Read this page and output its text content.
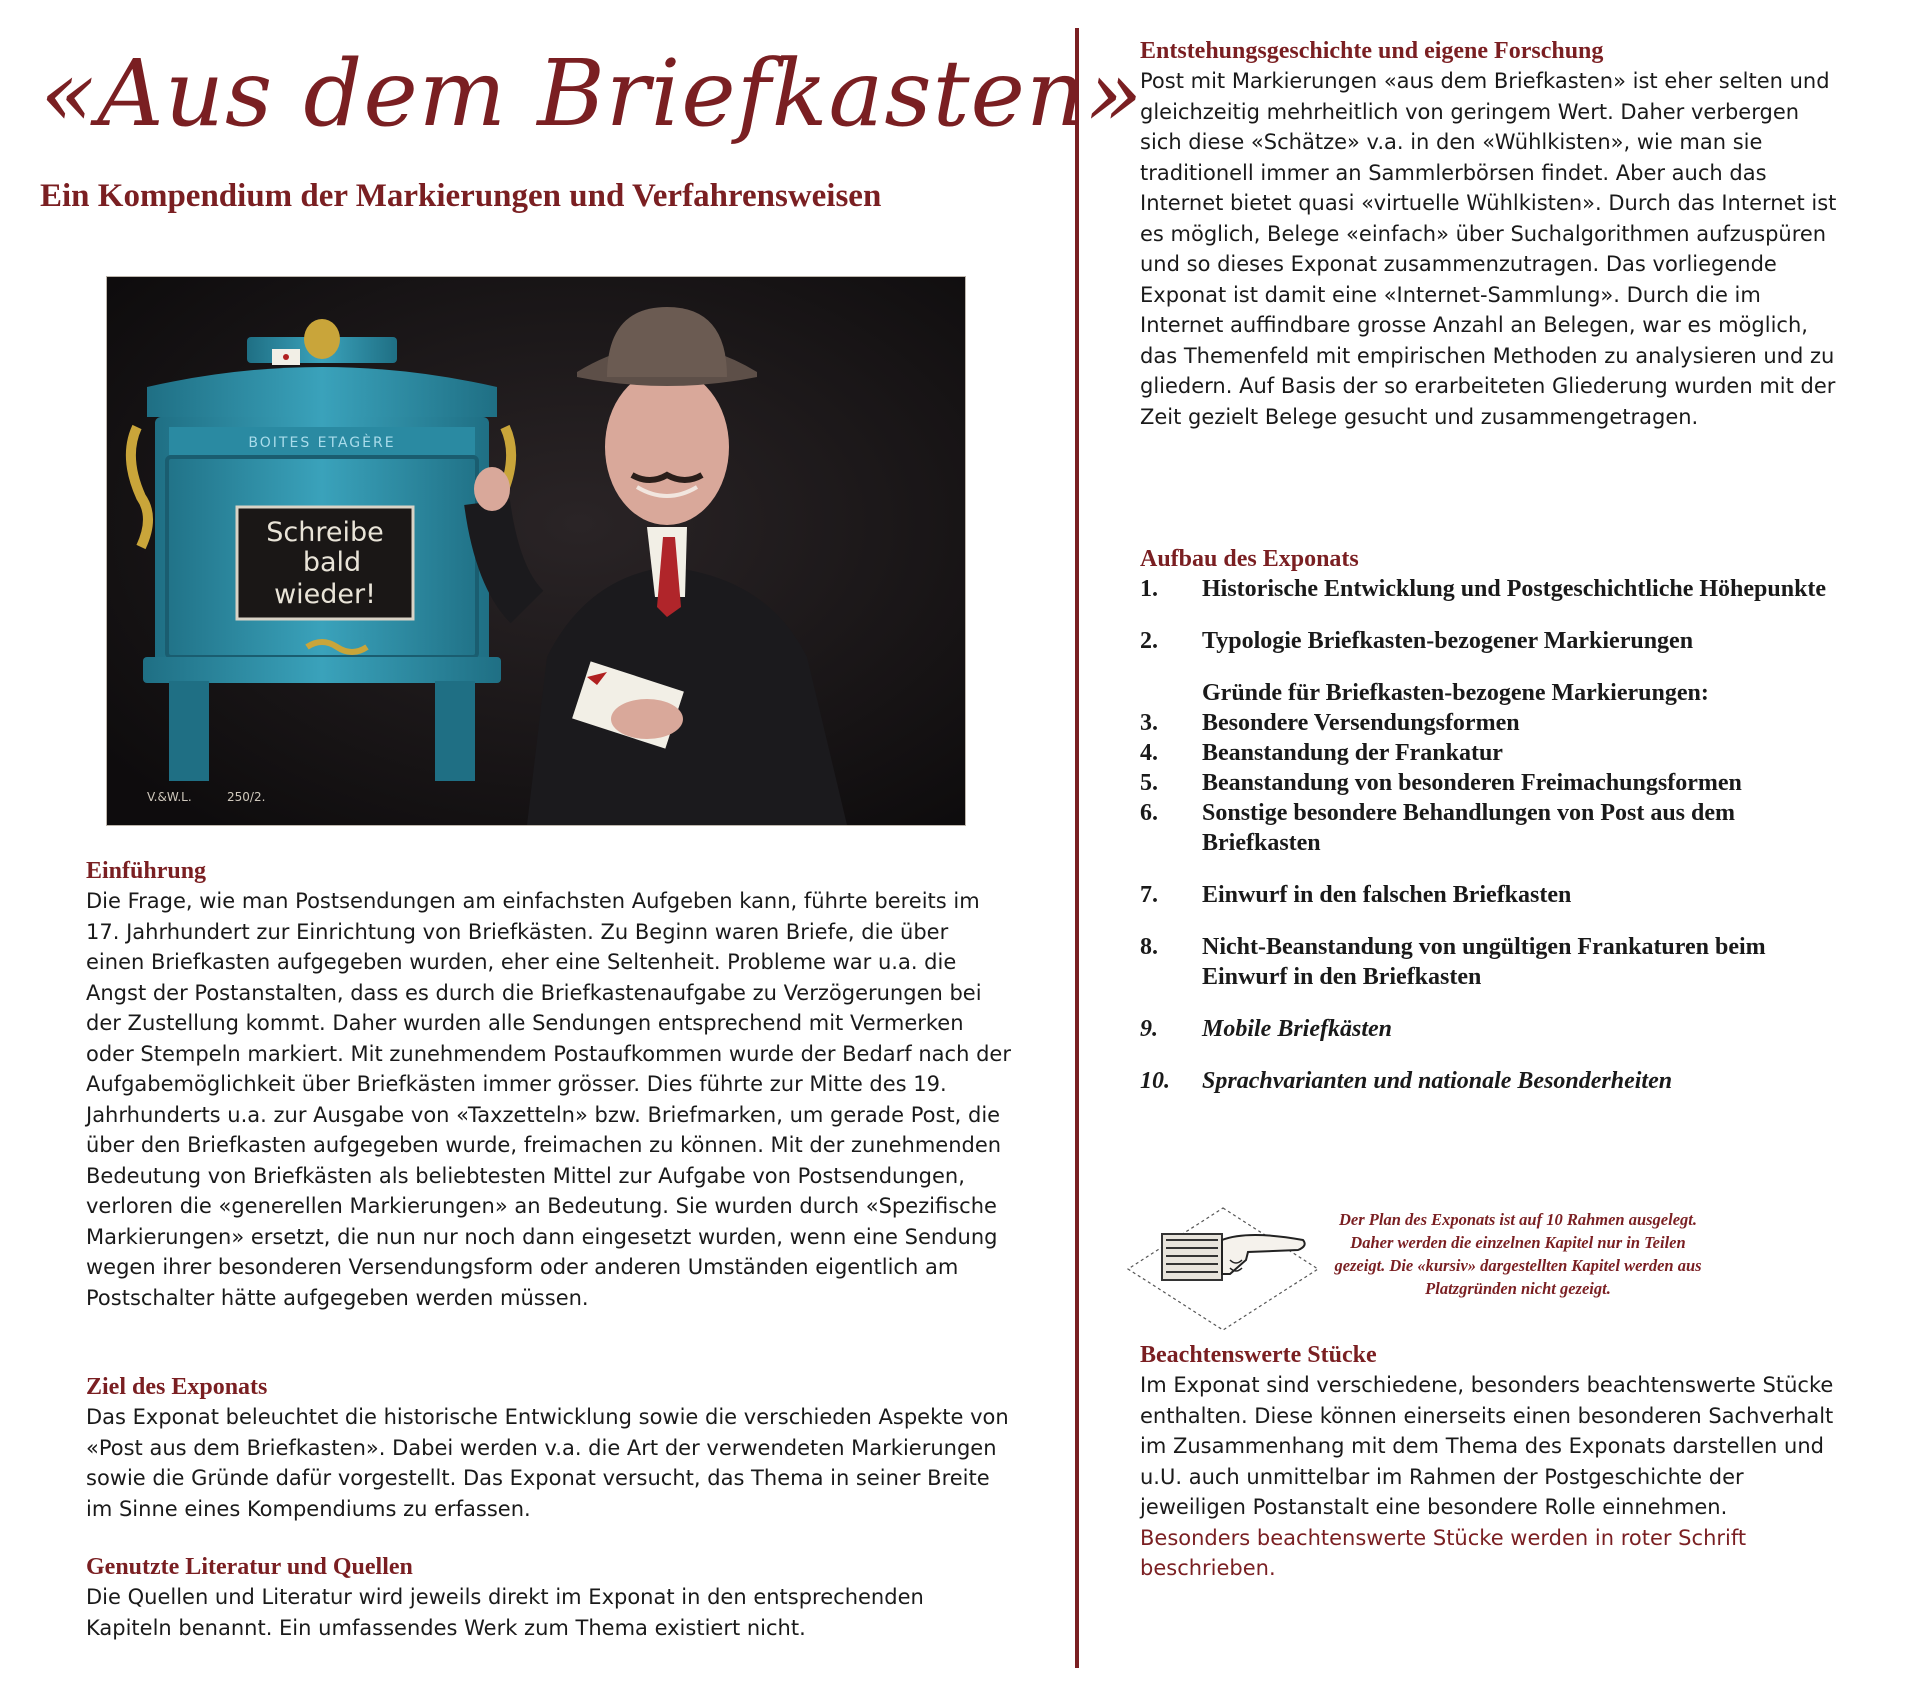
«Aus dem Briefkasten»
Ein Kompendium der Markierungen und Verfahrensweisen
BOITES ETAGÈRE
Schreibe
bald
wieder!
V.&W.L.	250/2.
Einführung

Die Frage, wie man Postsendungen am einfachsten Aufgeben kann, führte bereits im 17. Jahrhundert zur Einrichtung von Briefkästen. Zu Beginn waren Briefe, die über einen Briefkasten aufgegeben wurden, eher eine Seltenheit. Probleme war u.a. die Angst der Postanstalten, dass es durch die Briefkastenaufgabe zu Verzögerungen bei der Zustellung kommt. Daher wurden alle Sendungen entsprechend mit Vermerken oder Stempeln markiert. Mit zunehmendem Postaufkommen wurde der Bedarf nach der Aufgabemöglichkeit über Briefkästen immer grösser. Dies führte zur Mitte des 19. Jahrhunderts u.a. zur Ausgabe von «Taxzetteln» bzw. Briefmarken, um gerade Post, die über den Briefkasten aufgegeben wurde, freimachen zu können. Mit der zunehmenden Bedeutung von Briefkästen als beliebtesten Mittel zur Aufgabe von Postsendungen, verloren die «generellen Markierungen» an Bedeutung. Sie wurden durch «Spezifische Markierungen» ersetzt, die nun nur noch dann eingesetzt wurden, wenn eine Sendung wegen ihrer besonderen Versendungsform oder anderen Umständen eigentlich am Postschalter hätte aufgegeben werden müssen.

Ziel des Exponats

Das Exponat beleuchtet die historische Entwicklung sowie die verschieden Aspekte von «Post aus dem Briefkasten». Dabei werden v.a. die Art der verwendeten Markierungen sowie die Gründe dafür vorgestellt. Das Exponat versucht, das Thema in seiner Breite im Sinne eines Kompendiums zu erfassen.

Genutzte Literatur und Quellen

Die Quellen und Literatur wird jeweils direkt im Exponat in den entsprechenden Kapiteln benannt. Ein umfassendes Werk zum Thema existiert nicht.

Entstehungsgeschichte und eigene Forschung

Post mit Markierungen «aus dem Briefkasten» ist eher selten und gleichzeitig mehrheitlich von geringem Wert. Daher verbergen sich diese «Schätze» v.a. in den «Wühlkisten», wie man sie traditionell immer an Sammlerbörsen findet. Aber auch das Internet bietet quasi «virtuelle Wühlkisten». Durch das Internet ist es möglich, Belege «einfach» über Suchalgorithmen aufzuspüren und so dieses Exponat zusammenzutragen. Das vorliegende Exponat ist damit eine «Internet-Sammlung». Durch die im Internet auffindbare grosse Anzahl an Belegen, war es möglich, das Themenfeld mit empirischen Methoden zu analysieren und zu gliedern. Auf Basis der so erarbeiteten Gliederung wurden mit der Zeit gezielt Belege gesucht und zusammengetragen.

Aufbau des Exponats
1.	Historische Entwicklung und Postgeschichtliche Höhepunkte
2.	Typologie Briefkasten-bezogener Markierungen
Gründe für Briefkasten-bezogene Markierungen:
3.	Besondere Versendungsformen
4.	Beanstandung der Frankatur
5.	Beanstandung von besonderen Freimachungsformen
6.	Sonstige besondere Behandlungen von Post aus dem Briefkasten
7.	Einwurf in den falschen Briefkasten
8.	Nicht-Beanstandung von ungültigen Frankaturen beim Einwurf in den Briefkasten
9.	Mobile Briefkästen
10.	Sprachvarianten und nationale Besonderheiten
Der Plan des Exponats ist auf 10 Rahmen ausgelegt. Daher werden die einzelnen Kapitel nur in Teilen gezeigt. Die «kursiv» dargestellten Kapitel werden aus Platzgründen nicht gezeigt.
Beachtenswerte Stücke

Im Exponat sind verschiedene, besonders beachtenswerte Stücke enthalten. Diese können einerseits einen besonderen Sachverhalt im Zusammenhang mit dem Thema des Exponats darstellen und u.U. auch unmittelbar im Rahmen der Postgeschichte der jeweiligen Postanstalt eine besondere Rolle einnehmen.

Besonders beachtenswerte Stücke werden in roter Schrift beschrieben.
